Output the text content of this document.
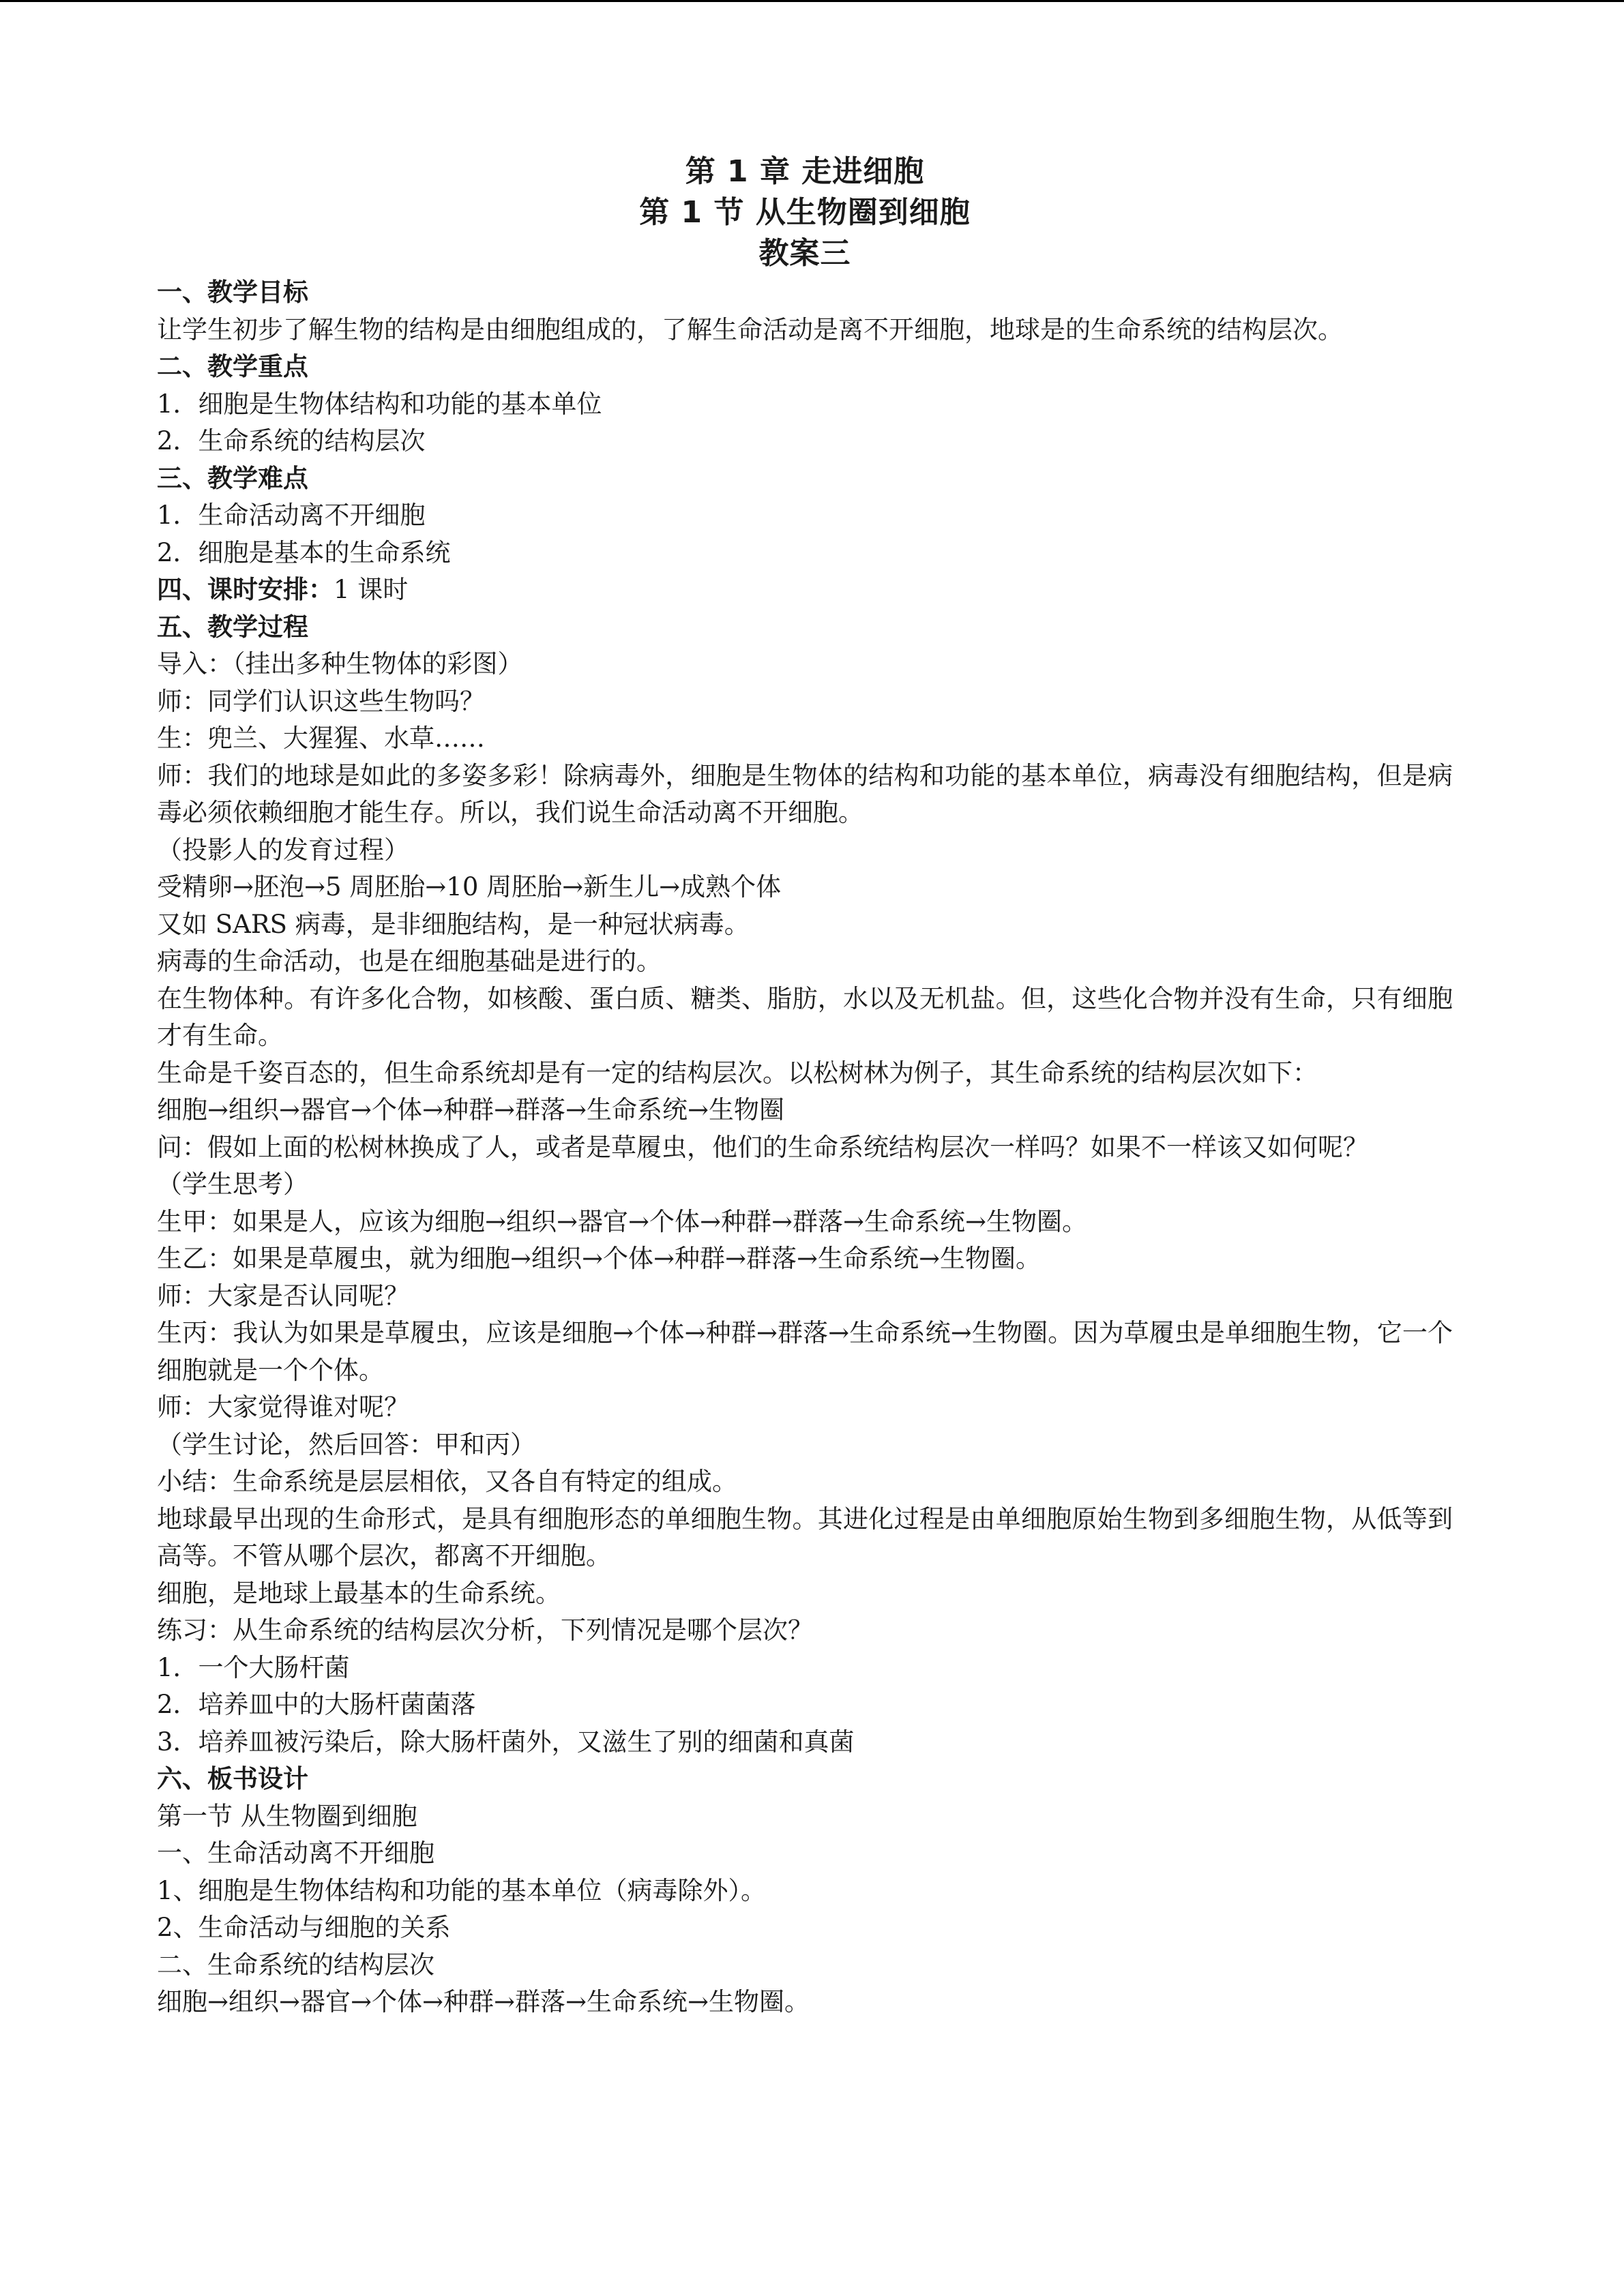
第 1 章 走进细胞
第 1 节 从生物圈到细胞
教案三
一、教学目标
让学生初步了解生物的结构是由细胞组成的，了解生命活动是离不开细胞，地球是的生命系统的结构层次。
二、教学重点
1．细胞是生物体结构和功能的基本单位
2．生命系统的结构层次
三、教学难点
1．生命活动离不开细胞
2．细胞是基本的生命系统
四、课时安排：1 课时
五、教学过程
导入：（挂出多种生物体的彩图）
师：同学们认识这些生物吗？
生：兜兰、大猩猩、水草……
师：我们的地球是如此的多姿多彩！除病毒外，细胞是生物体的结构和功能的基本单位，病毒没有细胞结构，但是病毒必须依赖细胞才能生存。所以，我们说生命活动离不开细胞。
（投影人的发育过程）
受精卵→胚泡→5 周胚胎→10 周胚胎→新生儿→成熟个体
又如 SARS 病毒，是非细胞结构，是一种冠状病毒。
病毒的生命活动，也是在细胞基础是进行的。
在生物体种。有许多化合物，如核酸、蛋白质、糖类、脂肪，水以及无机盐。但，这些化合物并没有生命，只有细胞才有生命。
生命是千姿百态的，但生命系统却是有一定的结构层次。以松树林为例子，其生命系统的结构层次如下：
细胞→组织→器官→个体→种群→群落→生命系统→生物圈
问：假如上面的松树林换成了人，或者是草履虫，他们的生命系统结构层次一样吗？如果不一样该又如何呢？
（学生思考）
生甲：如果是人，应该为细胞→组织→器官→个体→种群→群落→生命系统→生物圈。
生乙：如果是草履虫，就为细胞→组织→个体→种群→群落→生命系统→生物圈。
师：大家是否认同呢？
生丙：我认为如果是草履虫，应该是细胞→个体→种群→群落→生命系统→生物圈。因为草履虫是单细胞生物，它一个细胞就是一个个体。
师：大家觉得谁对呢？
（学生讨论，然后回答：甲和丙）
小结：生命系统是层层相依，又各自有特定的组成。
地球最早出现的生命形式，是具有细胞形态的单细胞生物。其进化过程是由单细胞原始生物到多细胞生物，从低等到高等。不管从哪个层次，都离不开细胞。
细胞，是地球上最基本的生命系统。
练习：从生命系统的结构层次分析，下列情况是哪个层次？
1．一个大肠杆菌
2．培养皿中的大肠杆菌菌落
3．培养皿被污染后，除大肠杆菌外，又滋生了别的细菌和真菌
六、板书设计
第一节 从生物圈到细胞
一、生命活动离不开细胞
1、细胞是生物体结构和功能的基本单位（病毒除外）。
2、生命活动与细胞的关系
二、生命系统的结构层次
细胞→组织→器官→个体→种群→群落→生命系统→生物圈。
